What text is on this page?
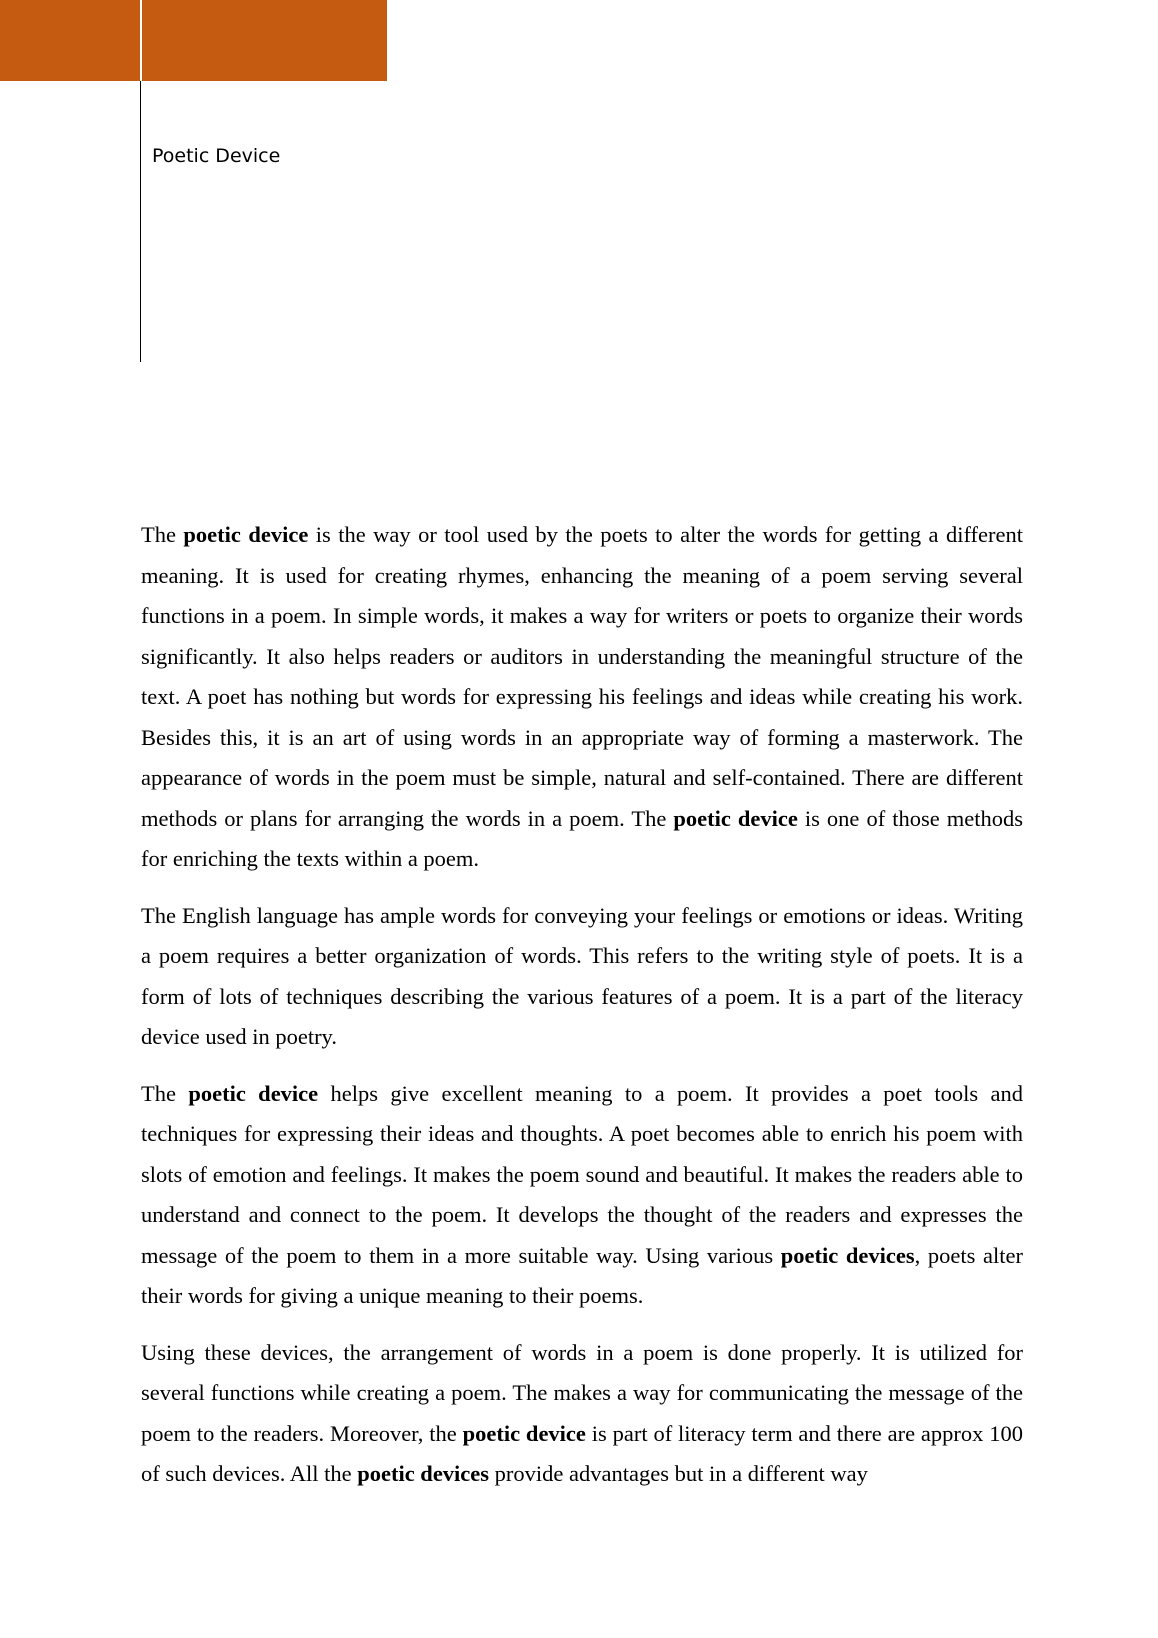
Poetic Device

The poetic device is the way or tool used by the poets to alter the words for getting a different meaning. It is used for creating rhymes, enhancing the meaning of a poem serving several functions in a poem. In simple words, it makes a way for writers or poets to organize their words significantly. It also helps readers or auditors in understanding the meaningful structure of the text. A poet has nothing but words for expressing his feelings and ideas while creating his work. Besides this, it is an art of using words in an appropriate way of forming a masterwork. The appearance of words in the poem must be simple, natural and self-contained. There are different methods or plans for arranging the words in a poem. The poetic device is one of those methods for enriching the texts within a poem.

The English language has ample words for conveying your feelings or emotions or ideas. Writing a poem requires a better organization of words. This refers to the writing style of poets. It is a form of lots of techniques describing the various features of a poem. It is a part of the literacy device used in poetry.

The poetic device helps give excellent meaning to a poem. It provides a poet tools and techniques for expressing their ideas and thoughts. A poet becomes able to enrich his poem with slots of emotion and feelings. It makes the poem sound and beautiful. It makes the readers able to understand and connect to the poem. It develops the thought of the readers and expresses the message of the poem to them in a more suitable way. Using various poetic devices, poets alter their words for giving a unique meaning to their poems.

Using these devices, the arrangement of words in a poem is done properly. It is utilized for several functions while creating a poem. The makes a way for communicating the message of the poem to the readers. Moreover, the poetic device is part of literacy term and there are approx 100 of such devices. All the poetic devices provide advantages but in a different way
